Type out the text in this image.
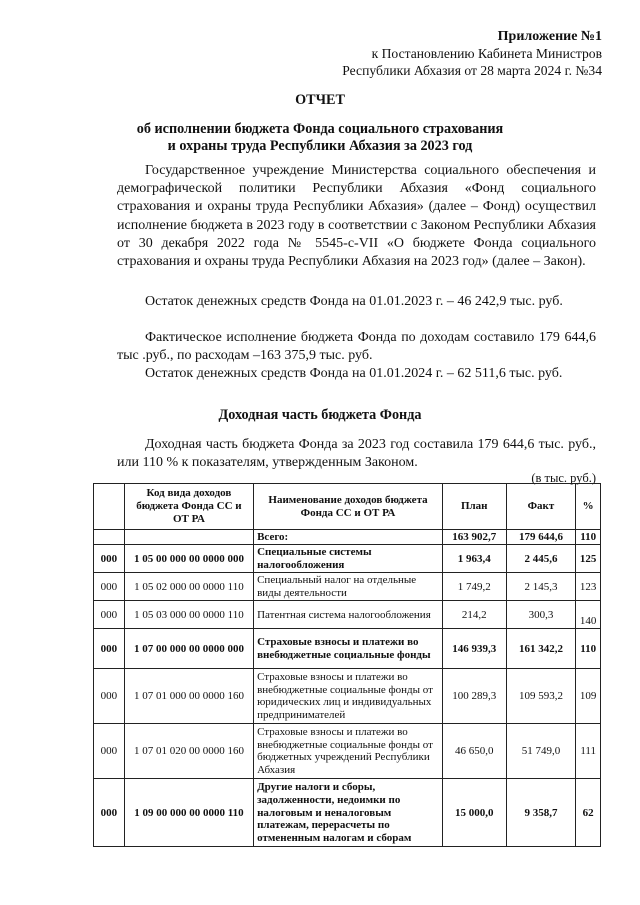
Приложение №1
к Постановлению Кабинета Министров
Республики Абхазия от 28 марта 2024 г. №34
ОТЧЕТ
об исполнении бюджета Фонда социального страхования
и охраны труда Республики Абхазия за 2023 год
Государственное учреждение Министерства социального обеспечения и демографической политики Республики Абхазия «Фонд социального страхования и охраны труда Республики Абхазия» (далее – Фонд) осуществил исполнение бюджета в 2023 году в соответствии с Законом Республики Абхазия от 30 декабря 2022 года № 5545-с-VII «О бюджете Фонда социального страхования и охраны труда Республики Абхазия на 2023 год» (далее – Закон).
Остаток денежных средств Фонда на 01.01.2023 г. – 46 242,9 тыс. руб.
Фактическое исполнение бюджета Фонда по доходам составило 179 644,6 тыс .руб., по расходам –163 375,9 тыс. руб.
Остаток денежных средств Фонда на 01.01.2024 г. – 62 511,6 тыс. руб.
Доходная часть бюджета Фонда
Доходная часть бюджета Фонда за 2023 год составила 179 644,6 тыс. руб., или 110 % к показателям, утвержденным Законом.
(в тыс. руб.)
	Код вида доходов бюджета Фонда СС и ОТ РА	Наименование доходов бюджета Фонда СС и ОТ РА	План	Факт	%
		Всего:	163 902,7	179 644,6	110
000	1 05 00 000 00 0000 000	Специальные системы налогообложения	1 963,4	2 445,6	125
000	1 05 02 000 00 0000 110	Специальный налог на отдельные виды деятельности	1 749,2	2 145,3	123
000	1 05 03 000 00 0000 110	Патентная система налогообложения	214,2	300,3	140
000	1 07 00 000 00 0000 000	Страховые взносы и платежи во внебюджетные социальные фонды	146 939,3	161 342,2	110
000	1 07 01 000 00 0000 160	Страховые взносы и платежи во внебюджетные социальные фонды от юридических лиц и индивидуальных предпринимателей	100 289,3	109 593,2	109
000	1 07 01 020 00 0000 160	Страховые взносы и платежи во внебюджетные социальные фонды от бюджетных учреждений Республики Абхазия	46 650,0	51 749,0	111
000	1 09 00 000 00 0000 110	Другие налоги и сборы, задолженности, недоимки по налоговым и неналоговым платежам, перерасчеты по отмененным налогам и сборам	15 000,0	9 358,7	62
